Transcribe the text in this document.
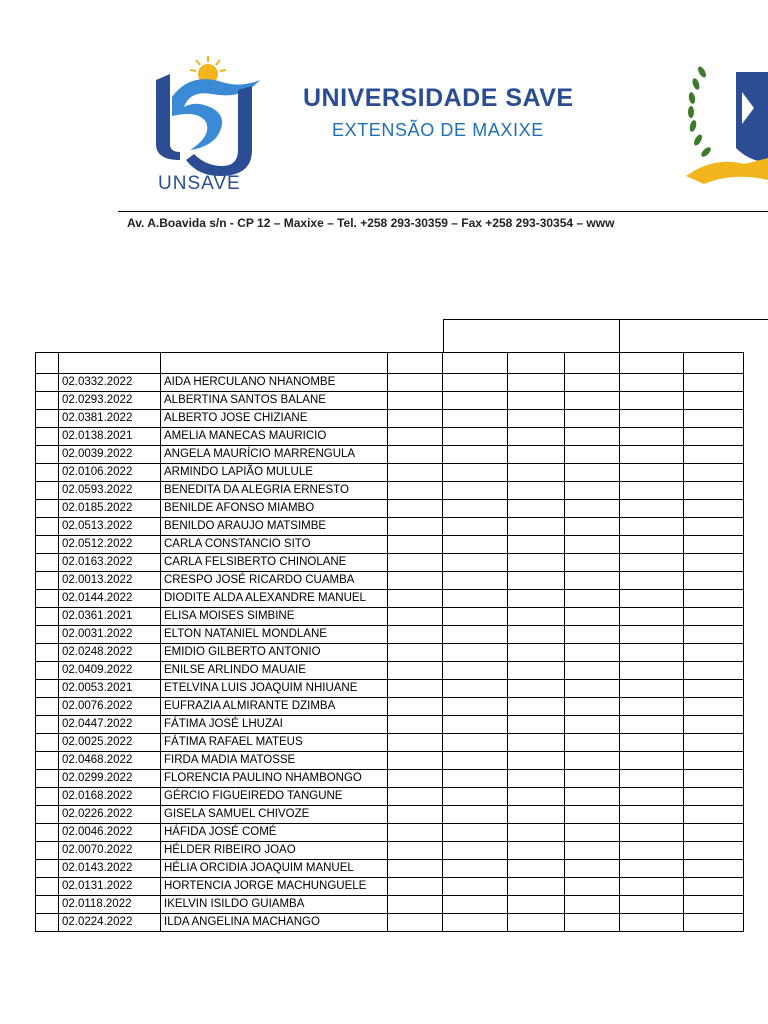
UNSAVE
UNIVERSIDADE SAVE
EXTENSÃO DE MAXIXE
Av. A.Boavida s/n - CP 12 – Maxixe – Tel. +258 293-30359 – Fax +258 293-30354 – www

	02.0332.2022	AIDA HERCULANO NHANOMBE						
	02.0293.2022	ALBERTINA SANTOS BALANE						
	02.0381.2022	ALBERTO JOSE CHIZIANE						
	02.0138.2021	AMELIA MANECAS MAURICIO						
	02.0039.2022	ANGELA MAURÍCIO MARRENGULA						
	02.0106.2022	ARMINDO LAPIÃO MULULE						
	02.0593.2022	BENEDITA DA ALEGRIA ERNESTO						
	02.0185.2022	BENILDE AFONSO MIAMBO						
	02.0513.2022	BENILDO ARAUJO MATSIMBE						
	02.0512.2022	CARLA CONSTANCIO SITO						
	02.0163.2022	CARLA FELSIBERTO CHINOLANE						
	02.0013.2022	CRESPO JOSÉ RICARDO CUAMBA						
	02.0144.2022	DIODITE ALDA ALEXANDRE MANUEL						
	02.0361.2021	ELISA MOISES SIMBINE						
	02.0031.2022	ELTON NATANIEL MONDLANE						
	02.0248.2022	EMIDIO GILBERTO ANTONIO						
	02.0409.2022	ENILSE ARLINDO MAUAIE						
	02.0053.2021	ETELVINA LUIS JOAQUIM NHIUANE						
	02.0076.2022	EUFRAZIA ALMIRANTE DZIMBA						
	02.0447.2022	FÁTIMA JOSÉ LHUZAI						
	02.0025.2022	FÁTIMA RAFAEL MATEUS						
	02.0468.2022	FIRDA MADIA MATOSSE						
	02.0299.2022	FLORENCIA PAULINO NHAMBONGO						
	02.0168.2022	GÉRCIO FIGUEIREDO TANGUNE						
	02.0226.2022	GISELA SAMUEL CHIVOZE						
	02.0046.2022	HÁFIDA JOSÉ COMÉ						
	02.0070.2022	HÉLDER RIBEIRO JOAO						
	02.0143.2022	HÉLIA ORCIDIA JOAQUIM MANUEL						
	02.0131.2022	HORTENCIA JORGE MACHUNGUELE						
	02.0118.2022	IKELVIN ISILDO GUIAMBA						
	02.0224.2022	ILDA ANGELINA MACHANGO						
